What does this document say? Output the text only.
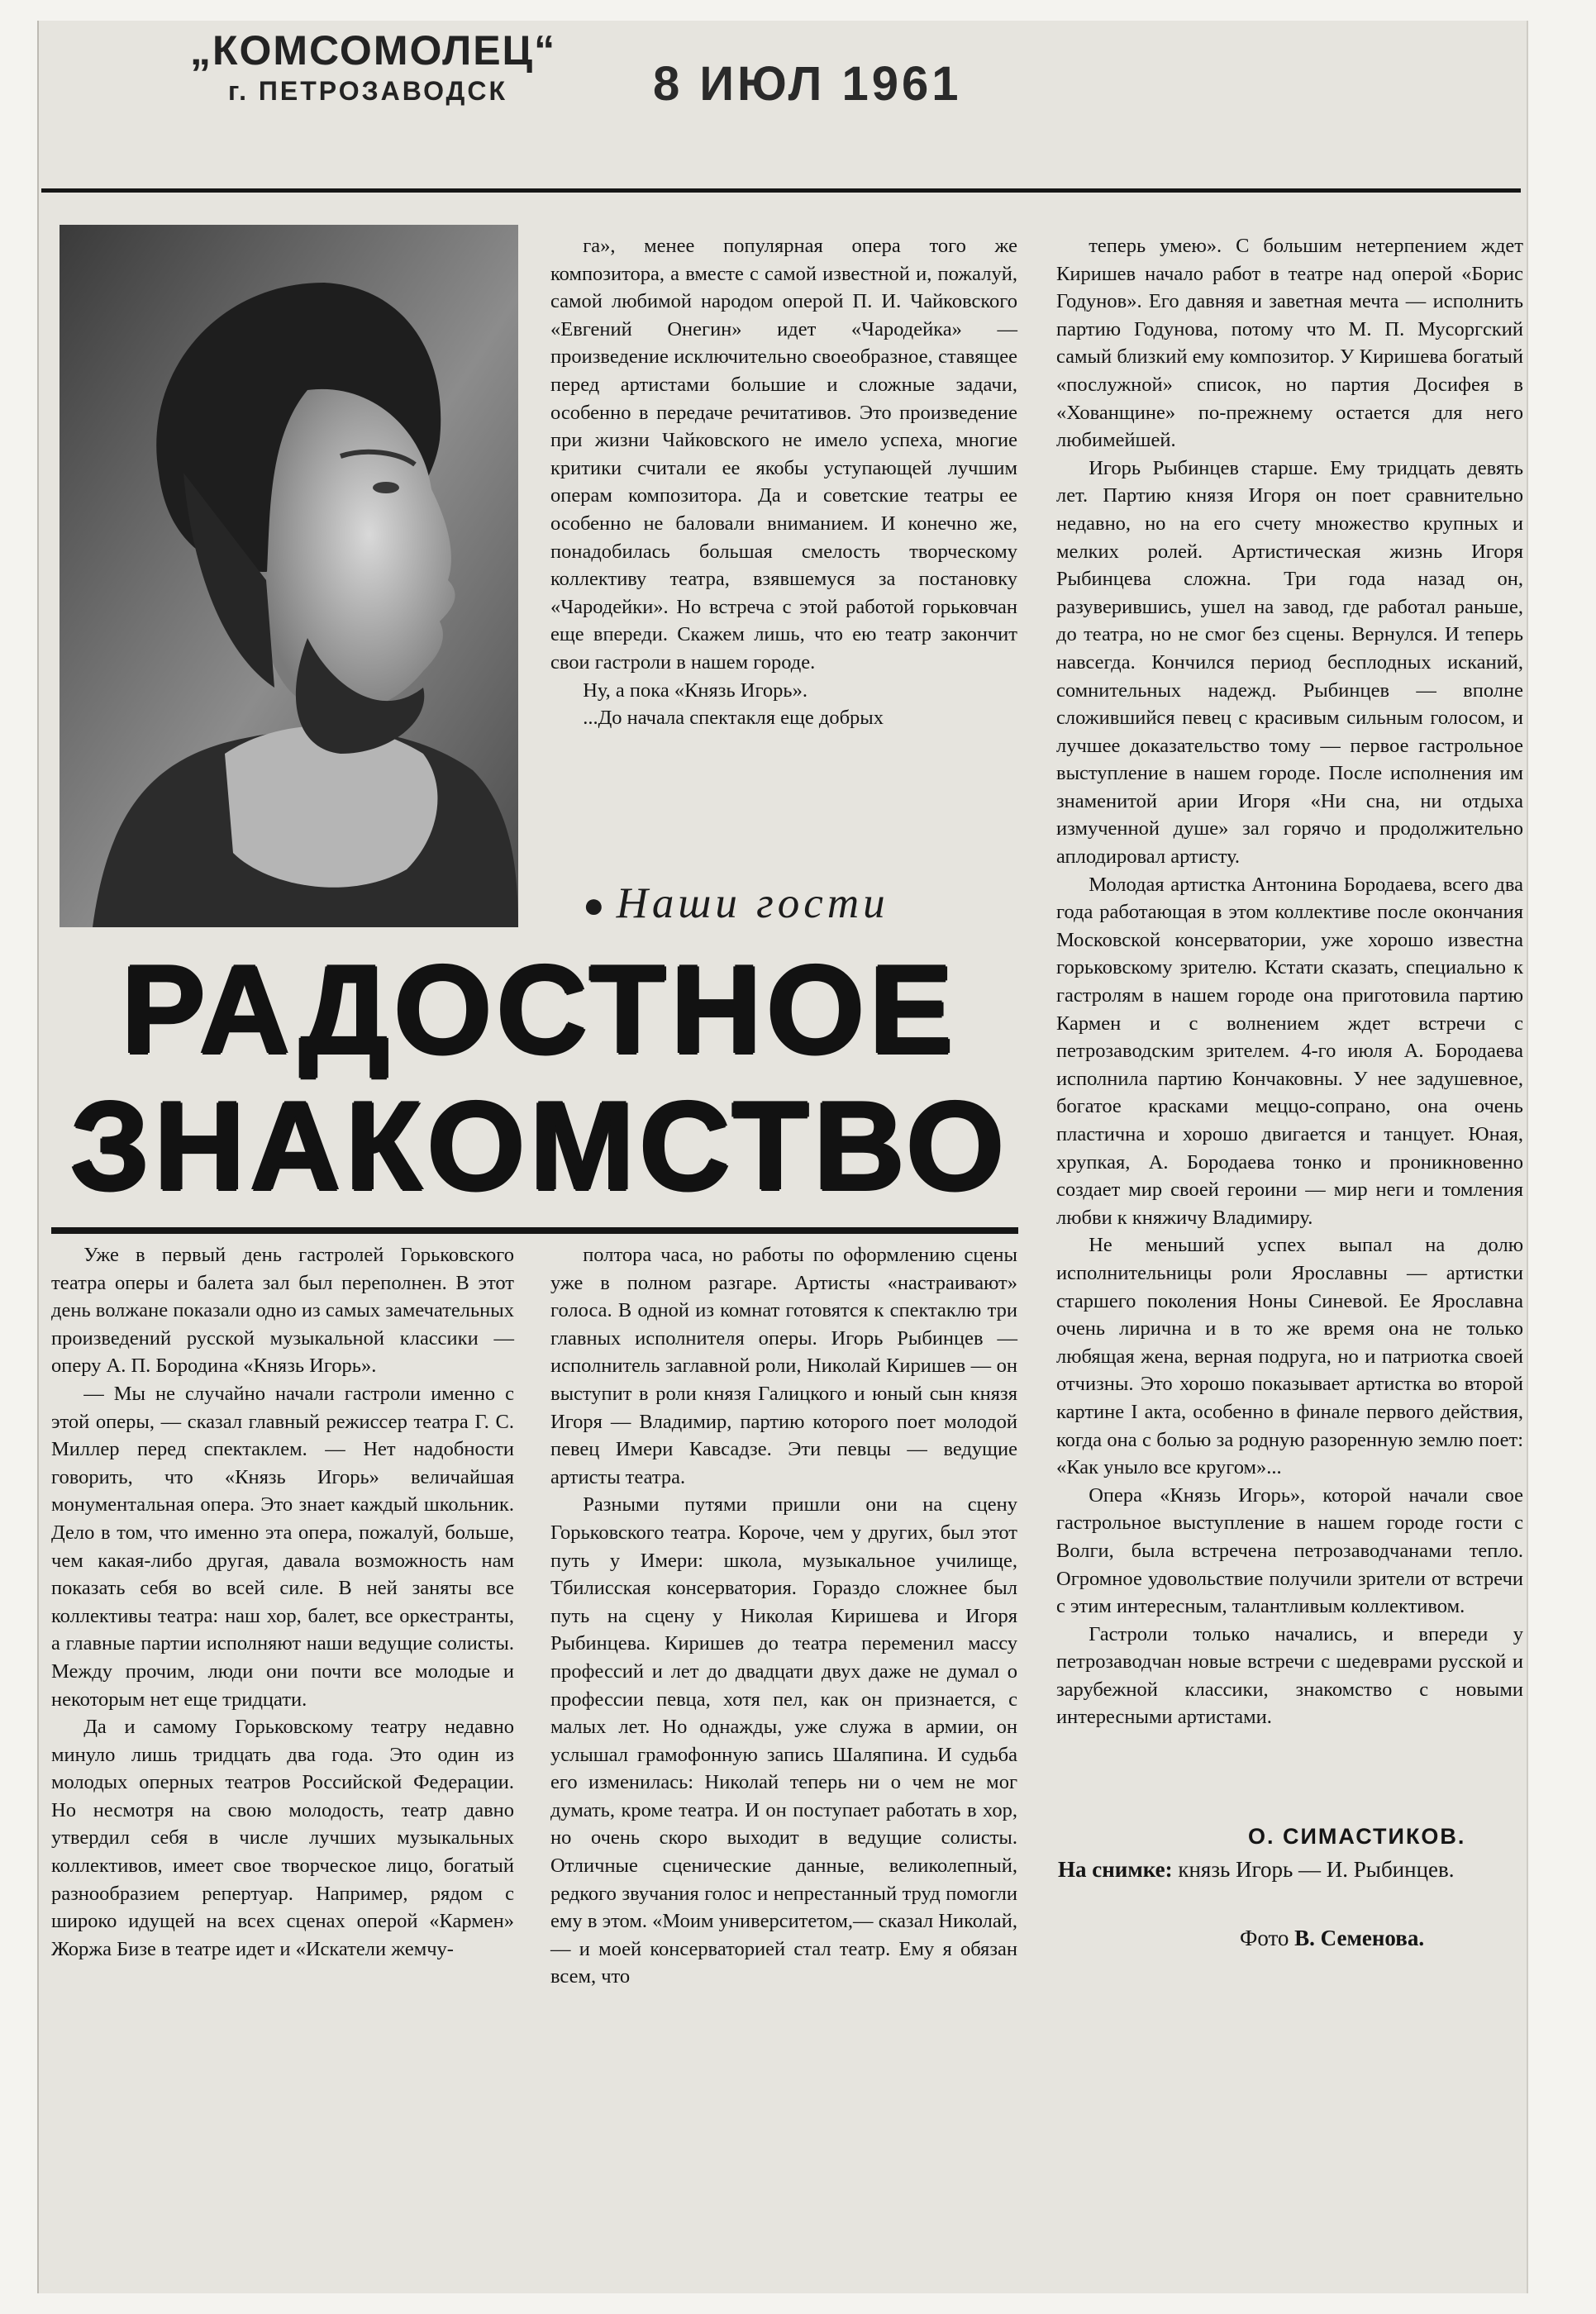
„КОМСОМОЛЕЦ“
г. ПЕТРОЗАВОДСК	8 ИЮЛ 1961

га», менее популярная опера того же композитора, а вместе с самой известной и, пожалуй, самой любимой народом оперой П. И. Чайковского «Евгений Онегин» идет «Чародейка» — произведение исключительно своеобразное, ставящее перед артистами большие и сложные задачи, особенно в передаче речитативов. Это произведение при жизни Чайковского не имело успеха, многие критики считали ее якобы уступающей лучшим операм композитора. Да и советские театры ее особенно не баловали вниманием. И конечно же, понадобилась большая смелость творческому коллективу театра, взявшемуся за постановку «Чародейки». Но встреча с этой работой горьковчан еще впереди. Скажем лишь, что ею театр закончит свои гастроли в нашем городе.

Ну, а пока «Князь Игорь».

...До начала спектакля еще добрых

● Наши гости
РАДОСТНОЕ
ЗНАКОМСТВО

Уже в первый день гастролей Горьковского театра оперы и балета зал был переполнен. В этот день волжане показали одно из самых замечательных произведений русской музыкальной классики — оперу А. П. Бородина «Князь Игорь».

— Мы не случайно начали гастроли именно с этой оперы, — сказал главный режиссер театра Г. С. Миллер перед спектаклем. — Нет надобности говорить, что «Князь Игорь» величайшая монументальная опера. Это знает каждый школьник. Дело в том, что именно эта опера, пожалуй, больше, чем какая-либо другая, давала возможность нам показать себя во всей силе. В ней заняты все коллективы театра: наш хор, балет, все оркестранты, а главные партии исполняют наши ведущие солисты. Между прочим, люди они почти все молодые и некоторым нет еще тридцати.

Да и самому Горьковскому театру недавно минуло лишь тридцать два года. Это один из молодых оперных театров Российской Федерации. Но несмотря на свою молодость, театр давно утвердил себя в числе лучших музыкальных коллективов, имеет свое творческое лицо, богатый разнообразием репертуар. Например, рядом с широко идущей на всех сценах оперой «Кармен» Жоржа Бизе в театре идет и «Искатели жемчу-

полтора часа, но работы по оформлению сцены уже в полном разгаре. Артисты «настраивают» голоса. В одной из комнат готовятся к спектаклю три главных исполнителя оперы. Игорь Рыбинцев — исполнитель заглавной роли, Николай Киришев — он выступит в роли князя Галицкого и юный сын князя Игоря — Владимир, партию которого поет молодой певец Имери Кавсадзе. Эти певцы — ведущие артисты театра.

Разными путями пришли они на сцену Горьковского театра. Короче, чем у других, был этот путь у Имери: школа, музыкальное училище, Тбилисская консерватория. Гораздо сложнее был путь на сцену у Николая Киришева и Игоря Рыбинцева. Киришев до театра переменил массу профессий и лет до двадцати двух даже не думал о профессии певца, хотя пел, как он признается, с малых лет. Но однажды, уже служа в армии, он услышал грамофонную запись Шаляпина. И судьба его изменилась: Николай теперь ни о чем не мог думать, кроме театра. И он поступает работать в хор, но очень скоро выходит в ведущие солисты. Отличные сценические данные, великолепный, редкого звучания голос и непрестанный труд помогли ему в этом. «Моим университетом,— сказал Николай, — и моей консерваторией стал театр. Ему я обязан всем, что

теперь умею». С большим нетерпением ждет Киришев начало работ в театре над оперой «Борис Годунов». Его давняя и заветная мечта — исполнить партию Годунова, потому что М. П. Мусоргский самый близкий ему композитор. У Киришева богатый «послужной» список, но партия Досифея в «Хованщине» по-прежнему остается для него любимейшей.

Игорь Рыбинцев старше. Ему тридцать девять лет. Партию князя Игоря он поет сравнительно недавно, но на его счету множество крупных и мелких ролей. Артистическая жизнь Игоря Рыбинцева сложна. Три года назад он, разуверившись, ушел на завод, где работал раньше, до театра, но не смог без сцены. Вернулся. И теперь навсегда. Кончился период бесплодных исканий, сомнительных надежд. Рыбинцев — вполне сложившийся певец с красивым сильным голосом, и лучшее доказательство тому — первое гастрольное выступление в нашем городе. После исполнения им знаменитой арии Игоря «Ни сна, ни отдыха измученной душе» зал горячо и продолжительно аплодировал артисту.

Молодая артистка Антонина Бородаева, всего два года работающая в этом коллективе после окончания Московской консерватории, уже хорошо известна горьковскому зрителю. Кстати сказать, специально к гастролям в нашем городе она приготовила партию Кармен и с волнением ждет встречи с петрозаводским зрителем. 4-го июля А. Бородаева исполнила партию Кончаковны. У нее задушевное, богатое красками меццо-сопрано, она очень пластична и хорошо двигается и танцует. Юная, хрупкая, А. Бородаева тонко и проникновенно создает мир своей героини — мир неги и томления любви к княжичу Владимиру.

Не меньший успех выпал на долю исполнительницы роли Ярославны — артистки старшего поколения Ноны Синевой. Ее Ярославна очень лирична и в то же время она не только любящая жена, верная подруга, но и патриотка своей отчизны. Это хорошо показывает артистка во второй картине I акта, особенно в финале первого действия, когда она с болью за родную разоренную землю поет: «Как уныло все кругом»...

Опера «Князь Игорь», которой начали свое гастрольное выступление в нашем городе гости с Волги, была встречена петрозаводчанами тепло. Огромное удовольствие получили зрители от встречи с этим интересным, талантливым коллективом.

Гастроли только начались, и впереди у петрозаводчан новые встречи с шедеврами русской и зарубежной классики, знакомство с новыми интересными артистами.

О. СИМАСТИКОВ.
На снимке: князь Игорь — И. Рыбинцев.
Фото В. Семенова.
